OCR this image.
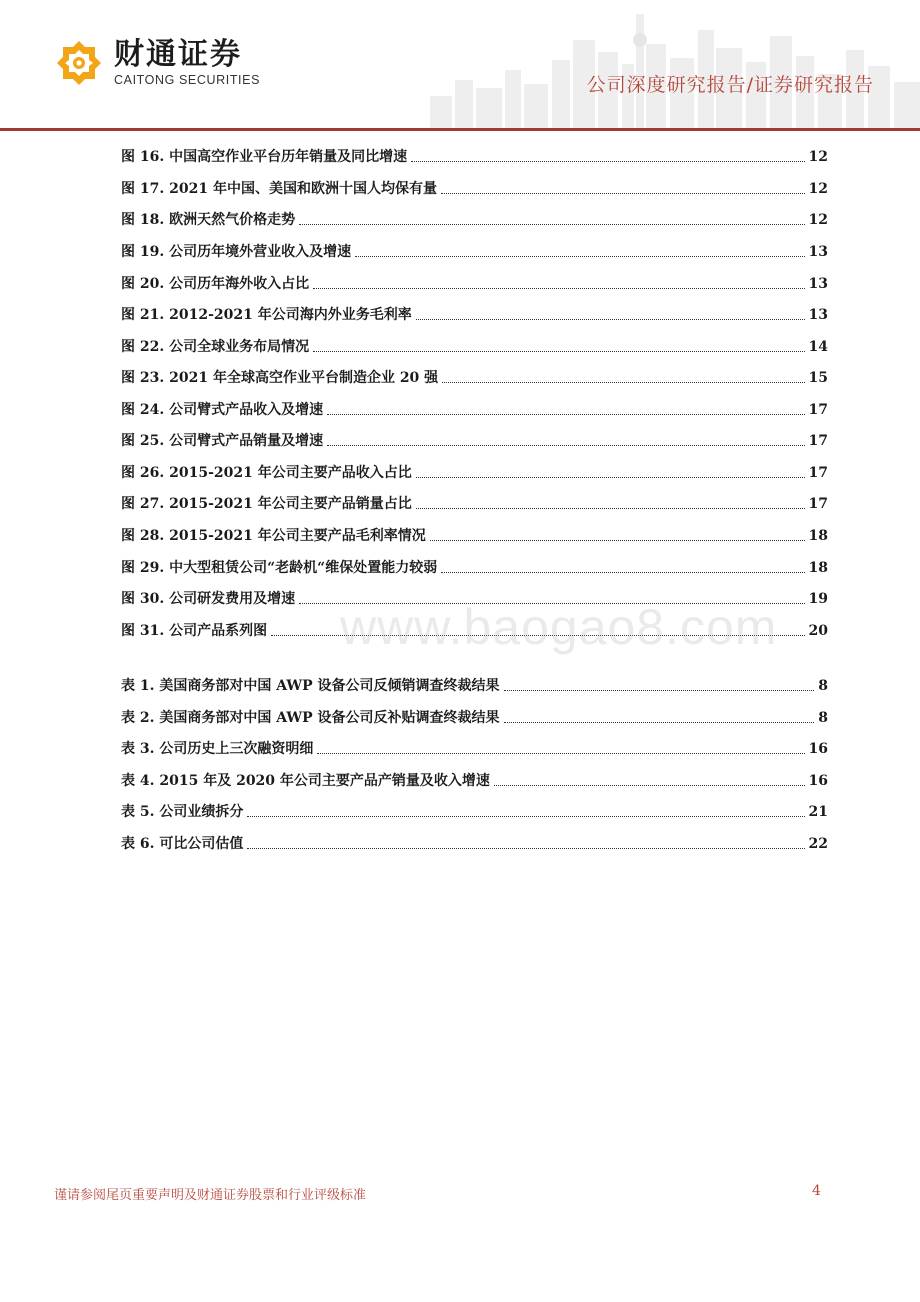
财通证券
CAITONG SECURITIES	公司深度研究报告/证券研究报告
图 16. 中国高空作业平台历年销量及同比增速	12
图 17. 2021 年中国、美国和欧洲十国人均保有量	12
图 18. 欧洲天然气价格走势	12
图 19. 公司历年境外营业收入及增速	13
图 20. 公司历年海外收入占比	13
图 21. 2012-2021 年公司海内外业务毛利率	13
图 22. 公司全球业务布局情况	14
图 23. 2021 年全球高空作业平台制造企业 20 强	15
图 24. 公司臂式产品收入及增速	17
图 25. 公司臂式产品销量及增速	17
图 26. 2015-2021 年公司主要产品收入占比	17
图 27. 2015-2021 年公司主要产品销量占比	17
图 28. 2015-2021 年公司主要产品毛利率情况	18
图 29. 中大型租赁公司“老龄机“维保处置能力较弱	18
图 30. 公司研发费用及增速	19
图 31. 公司产品系列图	20
www.baogao8.com
表 1. 美国商务部对中国 AWP 设备公司反倾销调查终裁结果	8
表 2. 美国商务部对中国 AWP 设备公司反补贴调查终裁结果	8
表 3. 公司历史上三次融资明细	16
表 4. 2015 年及 2020 年公司主要产品产销量及收入增速	16
表 5. 公司业绩拆分	21
表 6. 可比公司估值	22
谨请参阅尾页重要声明及财通证券股票和行业评级标准	4
